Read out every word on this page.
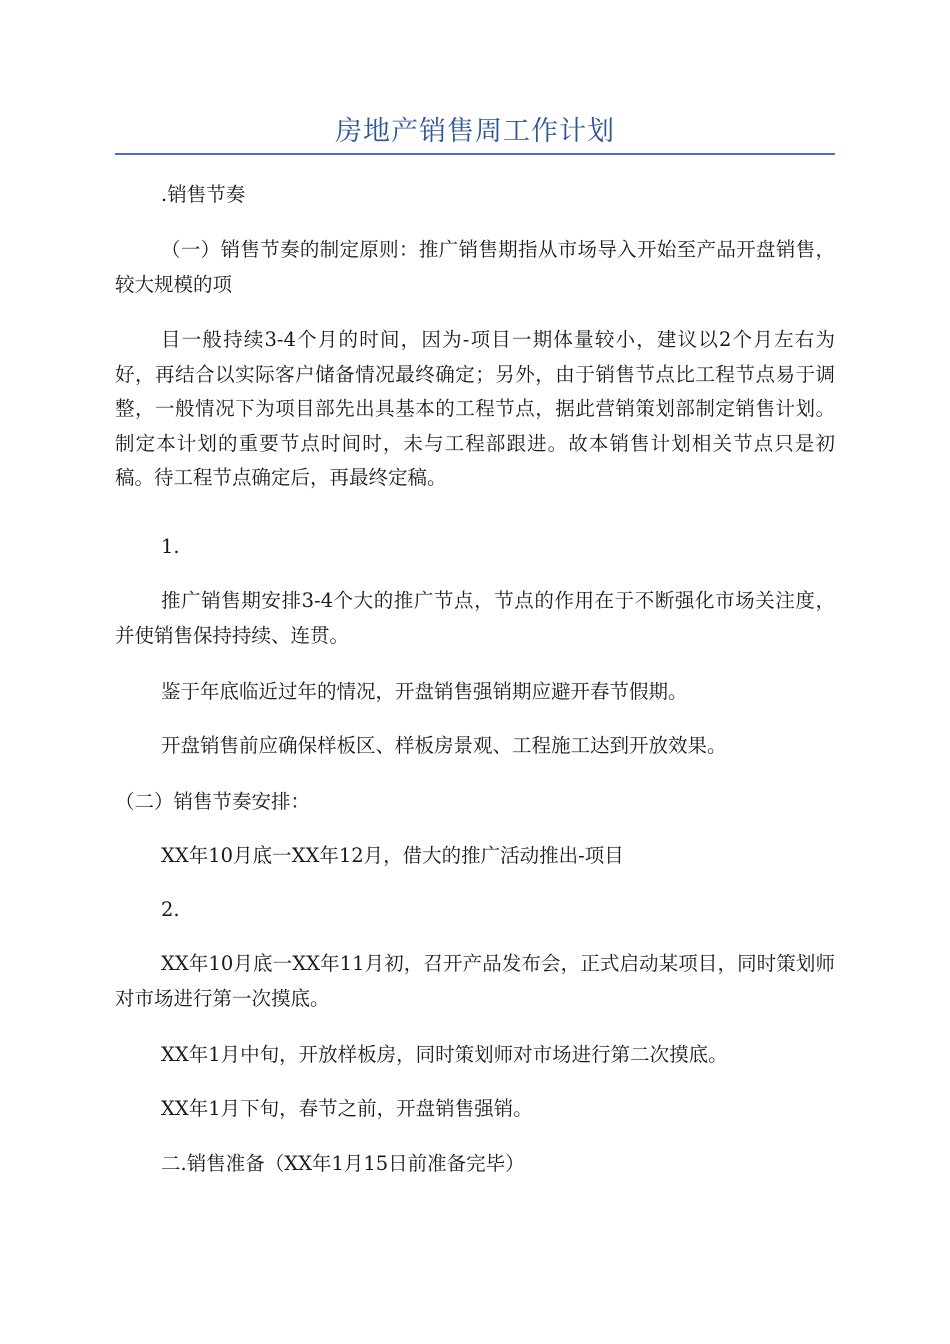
房地产销售周工作计划

.销售节奏

（一）销售节奏的制定原则：推广销售期指从市场导入开始至产品开盘销售，较大规模的项

目一般持续3-4个月的时间，因为-项目一期体量较小，建议以2个月左右为好，再结合以实际客户储备情况最终确定；另外，由于销售节点比工程节点易于调整，一般情况下为项目部先出具基本的工程节点，据此营销策划部制定销售计划。制定本计划的重要节点时间时，未与工程部跟进。故本销售计划相关节点只是初稿。待工程节点确定后，再最终定稿。

1.

推广销售期安排3-4个大的推广节点，节点的作用在于不断强化市场关注度，并使销售保持持续、连贯。

鉴于年底临近过年的情况，开盘销售强销期应避开春节假期。

开盘销售前应确保样板区、样板房景观、工程施工达到开放效果。

（二）销售节奏安排：

XX年10月底一XX年12月，借大的推广活动推出-项目

2.

XX年10月底一XX年11月初，召开产品发布会，正式启动某项目，同时策划师对市场进行第一次摸底。

XX年1月中旬，开放样板房，同时策划师对市场进行第二次摸底。

XX年1月下旬，春节之前，开盘销售强销。

二.销售准备（XX年1月15日前准备完毕）
